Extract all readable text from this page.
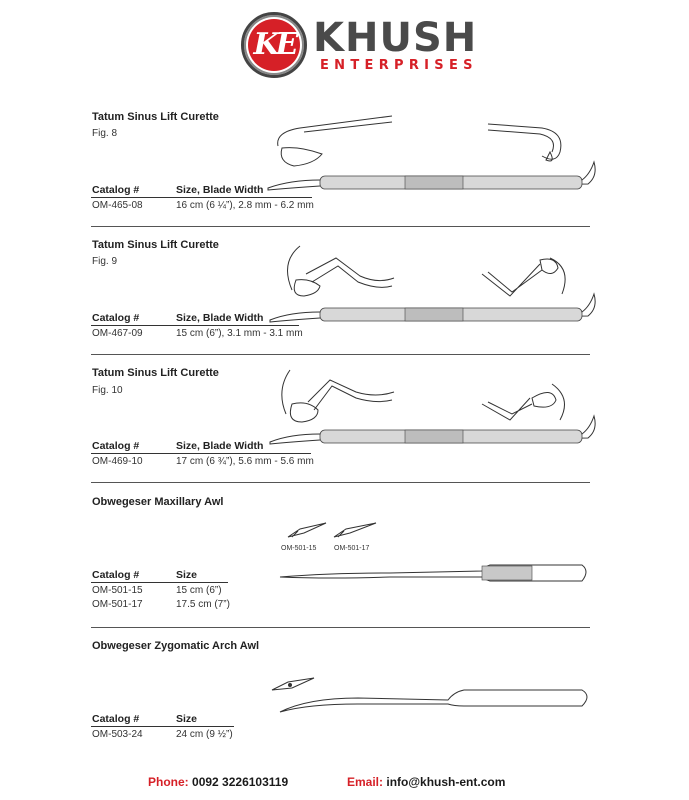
KE KHUSH
ENTERPRISES
Tatum Sinus Lift Curette
Fig. 8
Catalog #	Size, Blade Width
OM-465-08	16 cm (6 ¼”), 2.8 mm - 6.2 mm
Tatum Sinus Lift Curette
Fig. 9
Catalog #	Size, Blade Width
OM-467-09	15 cm (6”), 3.1 mm - 3.1 mm
Tatum Sinus Lift Curette
Fig. 10
Catalog #	Size, Blade Width
OM-469-10	17 cm (6 ¾”), 5.6 mm - 5.6 mm
Obwegeser Maxillary Awl
Catalog #	Size
OM-501-15	15 cm (6”)
OM-501-17	17.5 cm (7”)
OM-501-15	OM-501-17
Obwegeser Zygomatic Arch Awl
Catalog #	Size
OM-503-24	24 cm (9 ½”)
Phone: 0092 3226103119	Email: info@khush-ent.com
